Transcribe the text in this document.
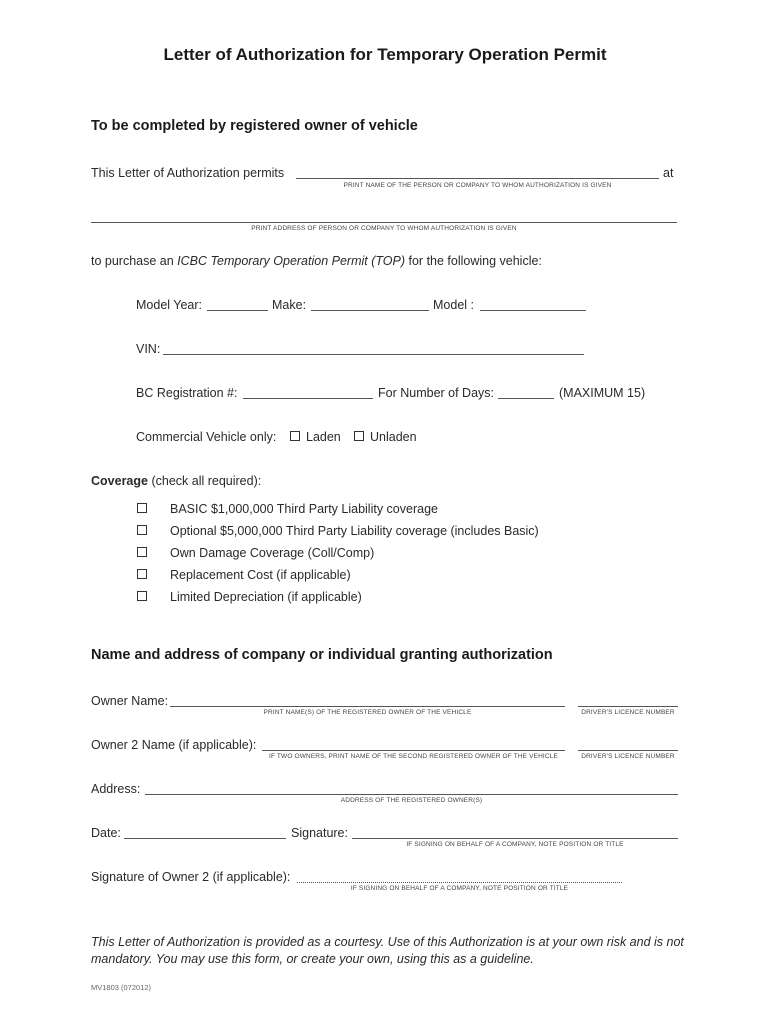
Letter of Authorization for Temporary Operation Permit
To be completed by registered owner of vehicle
This Letter of Authorization permits	at
PRINT NAME OF THE PERSON OR COMPANY TO WHOM AUTHORIZATION IS GIVEN
PRINT ADDRESS OF PERSON OR COMPANY TO WHOM AUTHORIZATION IS GIVEN
to purchase an ICBC Temporary Operation Permit (TOP) for the following vehicle:
Model Year:	Make:	Model :
VIN:
BC Registration #:	For Number of Days:	(MAXIMUM 15)
Commercial Vehicle only: Laden Unladen
Coverage (check all required):
BASIC $1,000,000 Third Party Liability coverage
Optional $5,000,000 Third Party Liability coverage (includes Basic)
Own Damage Coverage (Coll/Comp)
Replacement Cost (if applicable)
Limited Depreciation (if applicable)
Name and address of company or individual granting authorization
Owner Name:
PRINT NAME(S) OF THE REGISTERED OWNER OF THE VEHICLE	DRIVER'S LICENCE NUMBER
Owner 2 Name (if applicable):
IF TWO OWNERS, PRINT NAME OF THE SECOND REGISTERED OWNER OF THE VEHICLE	DRIVER'S LICENCE NUMBER
Address:
ADDRESS OF THE REGISTERED OWNER(S)
Date:	Signature:
IF SIGNING ON BEHALF OF A COMPANY, NOTE POSITION OR TITLE
Signature of Owner 2 (if applicable):
IF SIGNING ON BEHALF OF A COMPANY, NOTE POSITION OR TITLE
This Letter of Authorization is provided as a courtesy. Use of this Authorization is at your own risk and is not mandatory. You may use this form, or create your own, using this as a guideline.
MV1803 (072012)
